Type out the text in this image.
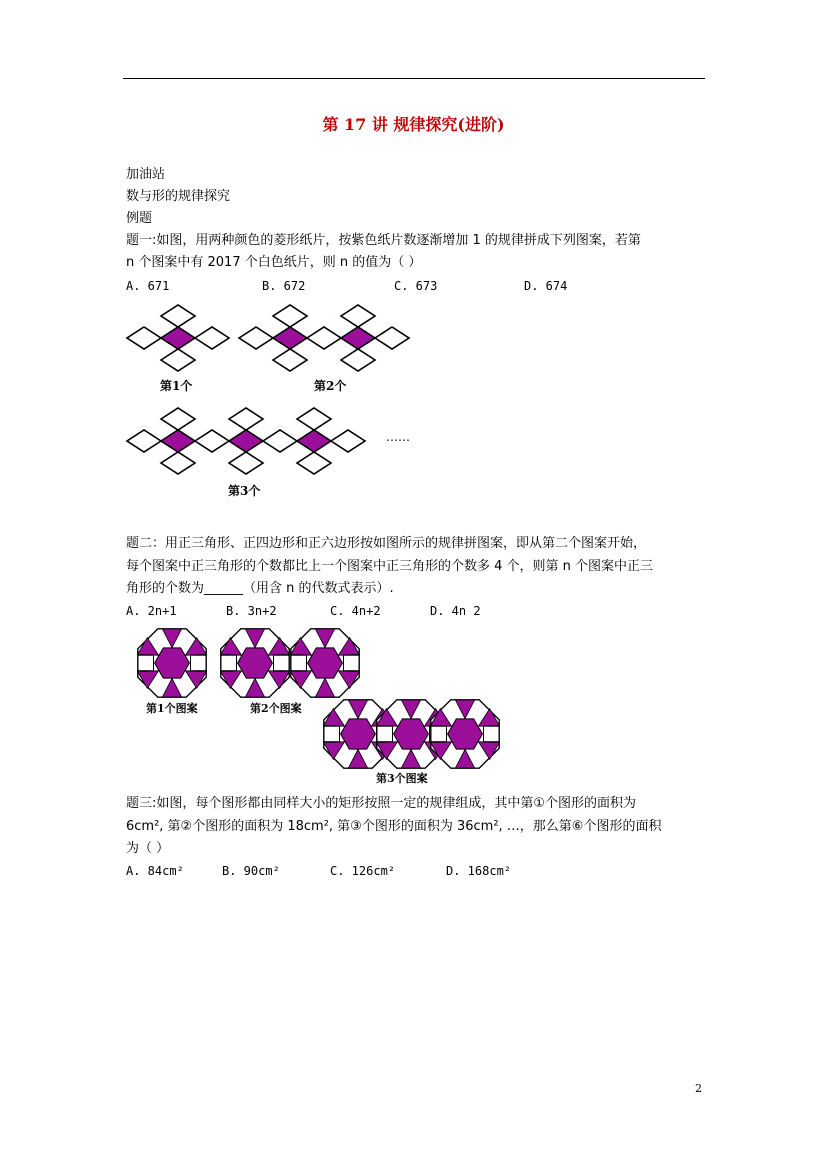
第 17 讲 规律探究(进阶)
加油站
数与形的规律探究
例题
题一:如图，用两种颜色的菱形纸片，按紫色纸片数逐渐增加 1 的规律拼成下列图案，若第
n 个图案中有 2017 个白色纸片，则 n 的值为（ ）
A. 671	B. 672	C. 673	D. 674
第1个	第2个
第3个
……
题二：用正三角形、正四边形和正六边形按如图所示的规律拼图案，即从第二个图案开始，
每个图案中正三角形的个数都比上一个图案中正三角形的个数多 4 个，则第 n 个图案中正三
角形的个数为______（用含 n 的代数式表示）.
A. 2n+1	B. 3n+2	C. 4n+2	D. 4n 2
第1个图案	第2个图案
第3个图案
题三:如图，每个图形都由同样大小的矩形按照一定的规律组成，其中第①个图形的面积为
6cm², 第②个图形的面积为 18cm², 第③个图形的面积为 36cm², …，那么第⑥个图形的面积
为（ ）
A. 84cm²	B. 90cm²	C. 126cm²	D. 168cm²
2
